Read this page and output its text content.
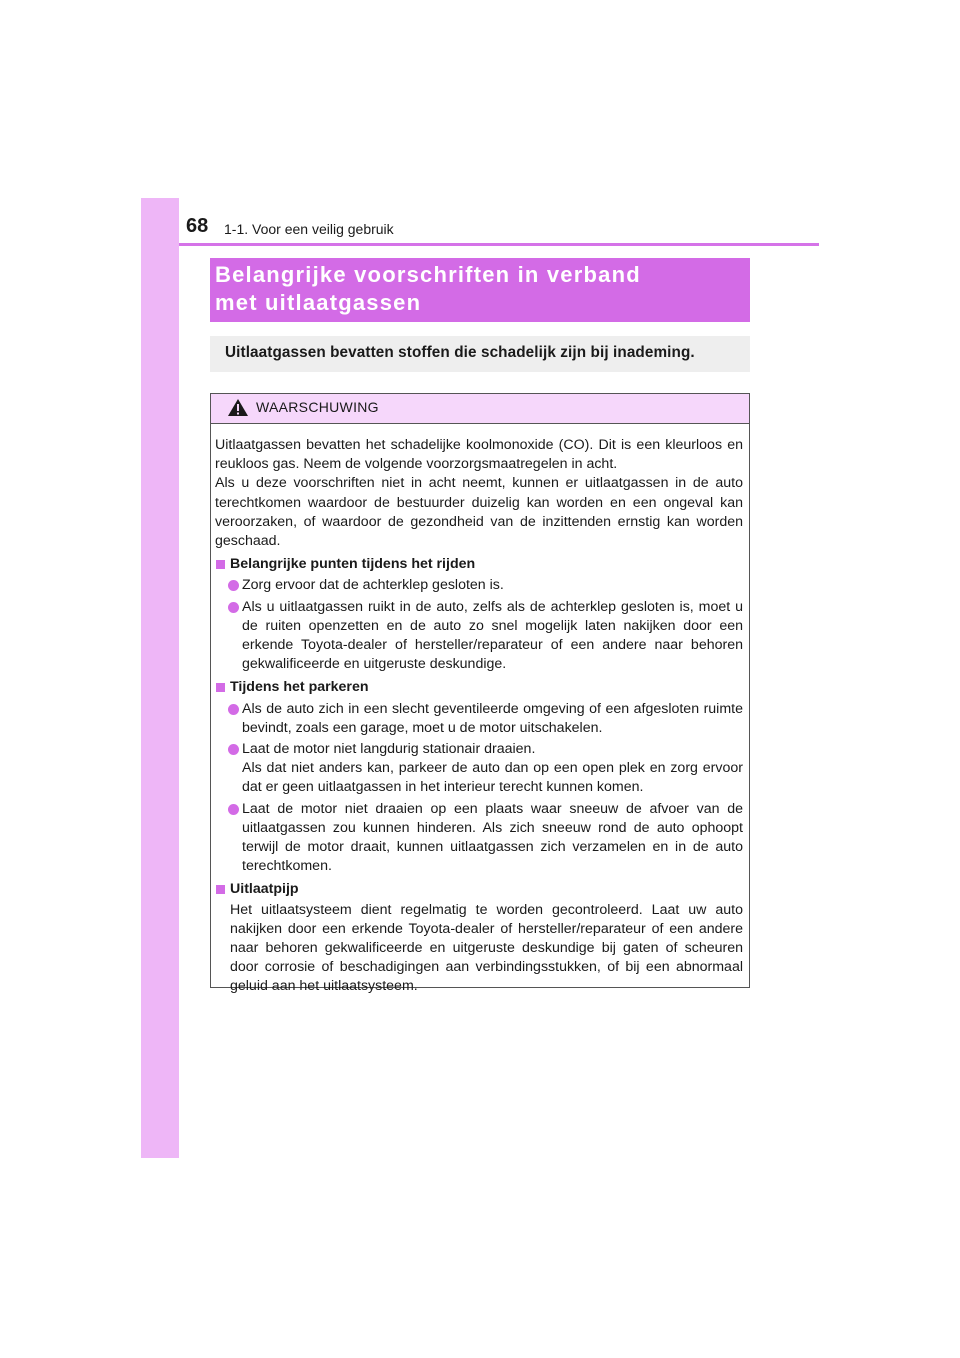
68 1-1. Voor een veilig gebruik
Belangrijke voorschriften in verband
met uitlaatgassen
Uitlaatgassen bevatten stoffen die schadelijk zijn bij inademing.
WAARSCHUWING

Uitlaatgassen bevatten het schadelijke koolmonoxide (CO). Dit is een kleurloos en reukloos gas. Neem de volgende voorzorgsmaatregelen in acht.

Als u deze voorschriften niet in acht neemt, kunnen er uitlaatgassen in de auto terechtkomen waardoor de bestuurder duizelig kan worden en een ongeval kan veroorzaken, of waardoor de gezondheid van de inzittenden ernstig kan worden geschaad.

Belangrijke punten tijdens het rijden
Zorg ervoor dat de achterklep gesloten is.
Als u uitlaatgassen ruikt in de auto, zelfs als de achterklep gesloten is, moet u de ruiten openzetten en de auto zo snel mogelijk laten nakijken door een erkende Toyota-dealer of hersteller/reparateur of een andere naar behoren gekwalificeerde en uitgeruste deskundige.
Tijdens het parkeren
Als de auto zich in een slecht geventileerde omgeving of een afgesloten ruimte bevindt, zoals een garage, moet u de motor uitschakelen.
Laat de motor niet langdurig stationair draaien.
Als dat niet anders kan, parkeer de auto dan op een open plek en zorg ervoor dat er geen uitlaatgassen in het interieur terecht kunnen komen.
Laat de motor niet draaien op een plaats waar sneeuw de afvoer van de uitlaatgassen zou kunnen hinderen. Als zich sneeuw rond de auto ophoopt terwijl de motor draait, kunnen uitlaatgassen zich verzamelen en in de auto terechtkomen.
Uitlaatpijp

Het uitlaatsysteem dient regelmatig te worden gecontroleerd. Laat uw auto nakijken door een erkende Toyota-dealer of hersteller/reparateur of een andere naar behoren gekwalificeerde en uitgeruste deskundige bij gaten of scheuren door corrosie of beschadigingen aan verbindingsstukken, of bij een abnormaal geluid aan het uitlaatsysteem.
